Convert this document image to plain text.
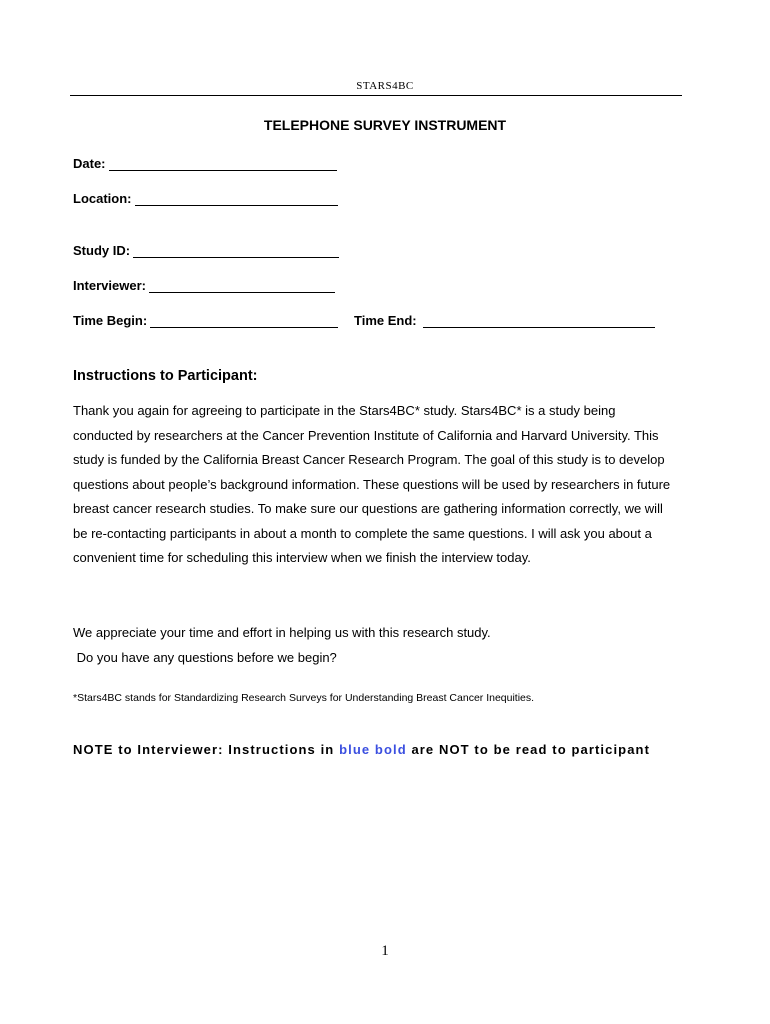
STARS4BC
TELEPHONE SURVEY INSTRUMENT
Date:
Location:
Study ID:
Interviewer:
Time Begin:	Time End:
Instructions to Participant:

Thank you again for agreeing to participate in the Stars4BC* study. Stars4BC* is a study being conducted by researchers at the Cancer Prevention Institute of California and Harvard University. This study is funded by the California Breast Cancer Research Program. The goal of this study is to develop questions about people’s background information. These questions will be used by researchers in future breast cancer research studies. To make sure our questions are gathering information correctly, we will be re-contacting participants in about a month to complete the same questions. I will ask you about a convenient time for scheduling this interview when we finish the interview today.

We appreciate your time and effort in helping us with this research study.

Do you have any questions before we begin?

*Stars4BC stands for Standardizing Research Surveys for Understanding Breast Cancer Inequities.
NOTE to Interviewer: Instructions in blue bold are NOT to be read to participant
1
